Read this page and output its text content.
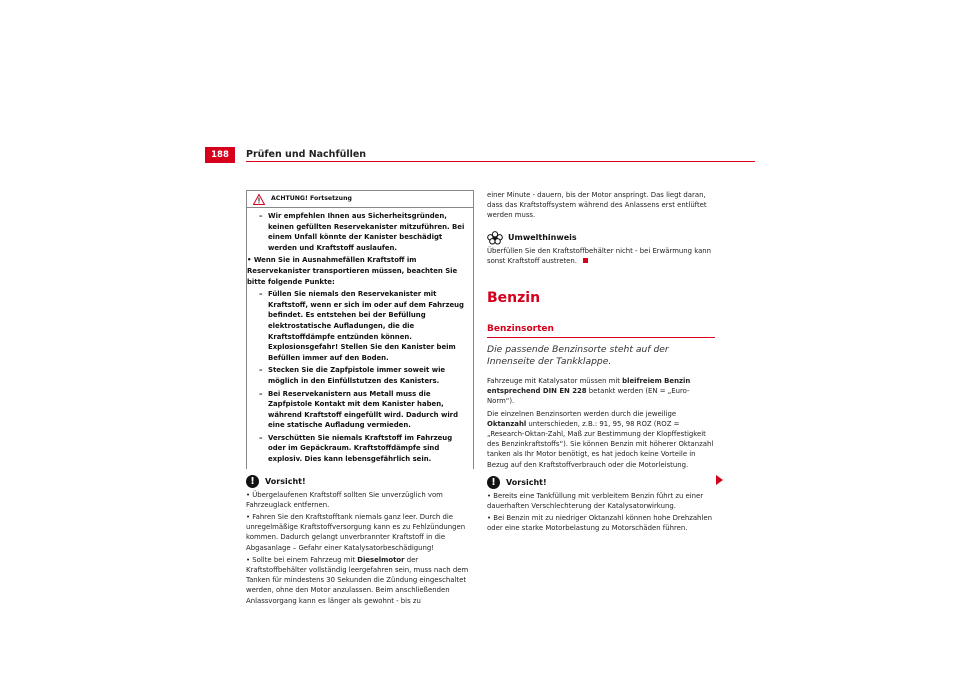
188	Prüfen und Nachfüllen
ACHTUNG! Fortsetzung
– Wir empfehlen Ihnen aus Sicherheitsgründen, keinen gefüllten Reservekanister mitzuführen. Bei einem Unfall könnte der Kanister beschädigt werden und Kraftstoff auslaufen.
• Wenn Sie in Ausnahmefällen Kraftstoff im Reservekanister transportieren müssen, beachten Sie bitte folgende Punkte:
– Füllen Sie niemals den Reservekanister mit Kraftstoff, wenn er sich im oder auf dem Fahrzeug befindet. Es entstehen bei der Befüllung elektrostatische Aufladungen, die die Kraftstoffdämpfe entzünden können. Explosionsgefahr! Stellen Sie den Kanister beim Befüllen immer auf den Boden.
– Stecken Sie die Zapfpistole immer soweit wie möglich in den Einfüllstutzen des Kanisters.
– Bei Reservekanistern aus Metall muss die Zapfpistole Kontakt mit dem Kanister haben, während Kraftstoff eingefüllt wird. Dadurch wird eine statische Aufladung vermieden.
– Verschütten Sie niemals Kraftstoff im Fahrzeug oder im Gepäckraum. Kraftstoffdämpfe sind explosiv. Dies kann lebensgefährlich sein.
!	Vorsicht!

• Übergelaufenen Kraftstoff sollten Sie unverzüglich vom Fahrzeuglack entfernen.

• Fahren Sie den Kraftstofftank niemals ganz leer. Durch die unregelmäßige Kraftstoffversorgung kann es zu Fehlzündungen kommen. Dadurch gelangt unverbrannter Kraftstoff in die Abgasanlage – Gefahr einer Katalysatorbeschädigung!

• Sollte bei einem Fahrzeug mit Dieselmotor der Kraftstoffbehälter vollständig leergefahren sein, muss nach dem Tanken für mindestens 30 Sekunden die Zündung eingeschaltet werden, ohne den Motor anzulassen. Beim anschließenden Anlassvorgang kann es länger als gewohnt - bis zu

einer Minute - dauern, bis der Motor anspringt. Das liegt daran, dass das Kraftstoffsystem während des Anlassens erst entlüftet werden muss.

Umwelthinweis

Überfüllen Sie den Kraftstoffbehälter nicht - bei Erwärmung kann sonst Kraftstoff austreten.

Benzin
Benzinsorten
Die passende Benzinsorte steht auf der Innenseite der Tankklappe.

Fahrzeuge mit Katalysator müssen mit bleifreiem Benzin entsprechend DIN EN 228 betankt werden (EN = „Euro-Norm“).

Die einzelnen Benzinsorten werden durch die jeweilige Oktanzahl unterschieden, z.B.: 91, 95, 98 ROZ (ROZ = „Research-Oktan-Zahl, Maß zur Bestimmung der Klopffestigkeit des Benzinkraftstoffs“). Sie können Benzin mit höherer Oktanzahl tanken als Ihr Motor benötigt, es hat jedoch keine Vorteile in Bezug auf den Kraftstoffverbrauch oder die Motorleistung.

!	Vorsicht!

• Bereits eine Tankfüllung mit verbleitem Benzin führt zu einer dauerhaften Verschlechterung der Katalysatorwirkung.

• Bei Benzin mit zu niedriger Oktanzahl können hohe Drehzahlen oder eine starke Motorbelastung zu Motorschäden führen.
